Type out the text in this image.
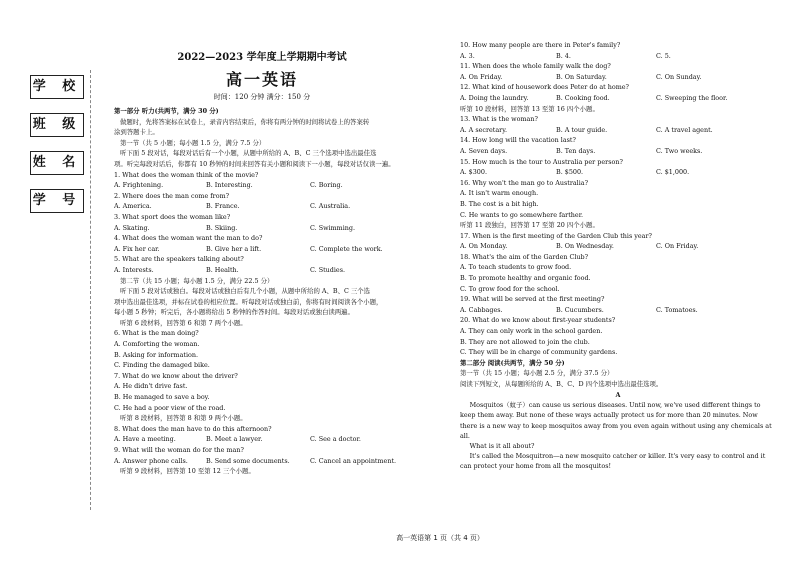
学 校
班 级
姓 名
学 号
2022—2023 学年度上学期期中考试
高一英语
时间：120 分钟 满分：150 分
第一部分 听力(共两节，满分 30 分)
做题时，先将答案标在试卷上，录音内容结束后，你将有两分钟的时间将试卷上的答案转
涂到答题卡上。
第一节（共 5 小题；每小题 1.5 分，满分 7.5 分）
听下面 5 段对话，每段对话后有一个小题，从题中所给的 A、B、C 三个选项中选出最佳选
项。听完每段对话后，你都有 10 秒钟的时间来回答有关小题和阅读下一小题，每段对话仅读一遍。
1. What does the woman think of the movie?
A. Frightening.	B. Interesting.	C. Boring.
2. Where does the man come from?
A. America.	B. France.	C. Australia.
3. What sport does the woman like?
A. Skating.	B. Skiing.	C. Swimming.
4. What does the woman want the man to do?
A. Fix her car.	B. Give her a lift.	C. Complete the work.
5. What are the speakers talking about?
A. Interests.	B. Health.	C. Studies.
第二节（共 15 小题；每小题 1.5 分，满分 22.5 分）
听下面 5 段对话或独白。每段对话或独白后有几个小题，从题中所给的 A、B、C 三个选
项中选出最佳选项，并标在试卷的相应位置。听每段对话或独白前，你将有时间阅读各个小题，
每小题 5 秒钟；听完后，各小题将给出 5 秒钟的作答时间。每段对话或独白读两遍。
听第 6 段材料，回答第 6 和第 7 两个小题。
6. What is the man doing?
A. Comforting the woman.
B. Asking for information.
C. Finding the damaged bike.
7. What do we know about the driver?
A. He didn't drive fast.
B. He managed to save a boy.
C. He had a poor view of the road.
听第 8 段材料，回答第 8 和第 9 两个小题。
8. What does the man have to do this afternoon?
A. Have a meeting.	B. Meet a lawyer.	C. See a doctor.
9. What will the woman do for the man?
A. Answer phone calls.	B. Send some documents.	C. Cancel an appointment.
听第 9 段材料，回答第 10 至第 12 三个小题。
10. How many people are there in Peter's family?
A. 3.	B. 4.	C. 5.
11. When does the whole family walk the dog?
A. On Friday.	B. On Saturday.	C. On Sunday.
12. What kind of housework does Peter do at home?
A. Doing the laundry.	B. Cooking food.	C. Sweeping the floor.
听第 10 段材料，回答第 13 至第 16 四个小题。
13. What is the woman?
A. A secretary.	B. A tour guide.	C. A travel agent.
14. How long will the vacation last?
A. Seven days.	B. Ten days.	C. Two weeks.
15. How much is the tour to Australia per person?
A. $300.	B. $500.	C. $1,000.
16. Why won't the man go to Australia?
A. It isn't warm enough.
B. The cost is a bit high.
C. He wants to go somewhere farther.
听第 11 段独白，回答第 17 至第 20 四个小题。
17. When is the first meeting of the Garden Club this year?
A. On Monday.	B. On Wednesday.	C. On Friday.
18. What's the aim of the Garden Club?
A. To teach students to grow food.
B. To promote healthy and organic food.
C. To grow food for the school.
19. What will be served at the first meeting?
A. Cabbages.	B. Cucumbers.	C. Tomatoes.
20. What do we know about first-year students?
A. They can only work in the school garden.
B. They are not allowed to join the club.
C. They will be in charge of community gardens.
第二部分 阅读(共两节，满分 50 分)
第一节（共 15 小题；每小题 2.5 分，满分 37.5 分）
阅读下列短文，从每题所给的 A、B、C、D 四个选项中选出最佳选项。
A
Mosquitos（蚊子）can cause us serious diseases. Until now, we've used different things to keep them away. But none of these ways actually protect us for more than 20 minutes. Now there is a new way to keep mosquitos away from you even again without using any chemicals at all.
What is it all about?
It's called the Mosquitron—a new mosquito catcher or killer. It's very easy to control and it can protect your home from all the mosquitos!
高一英语第 1 页（共 4 页）
